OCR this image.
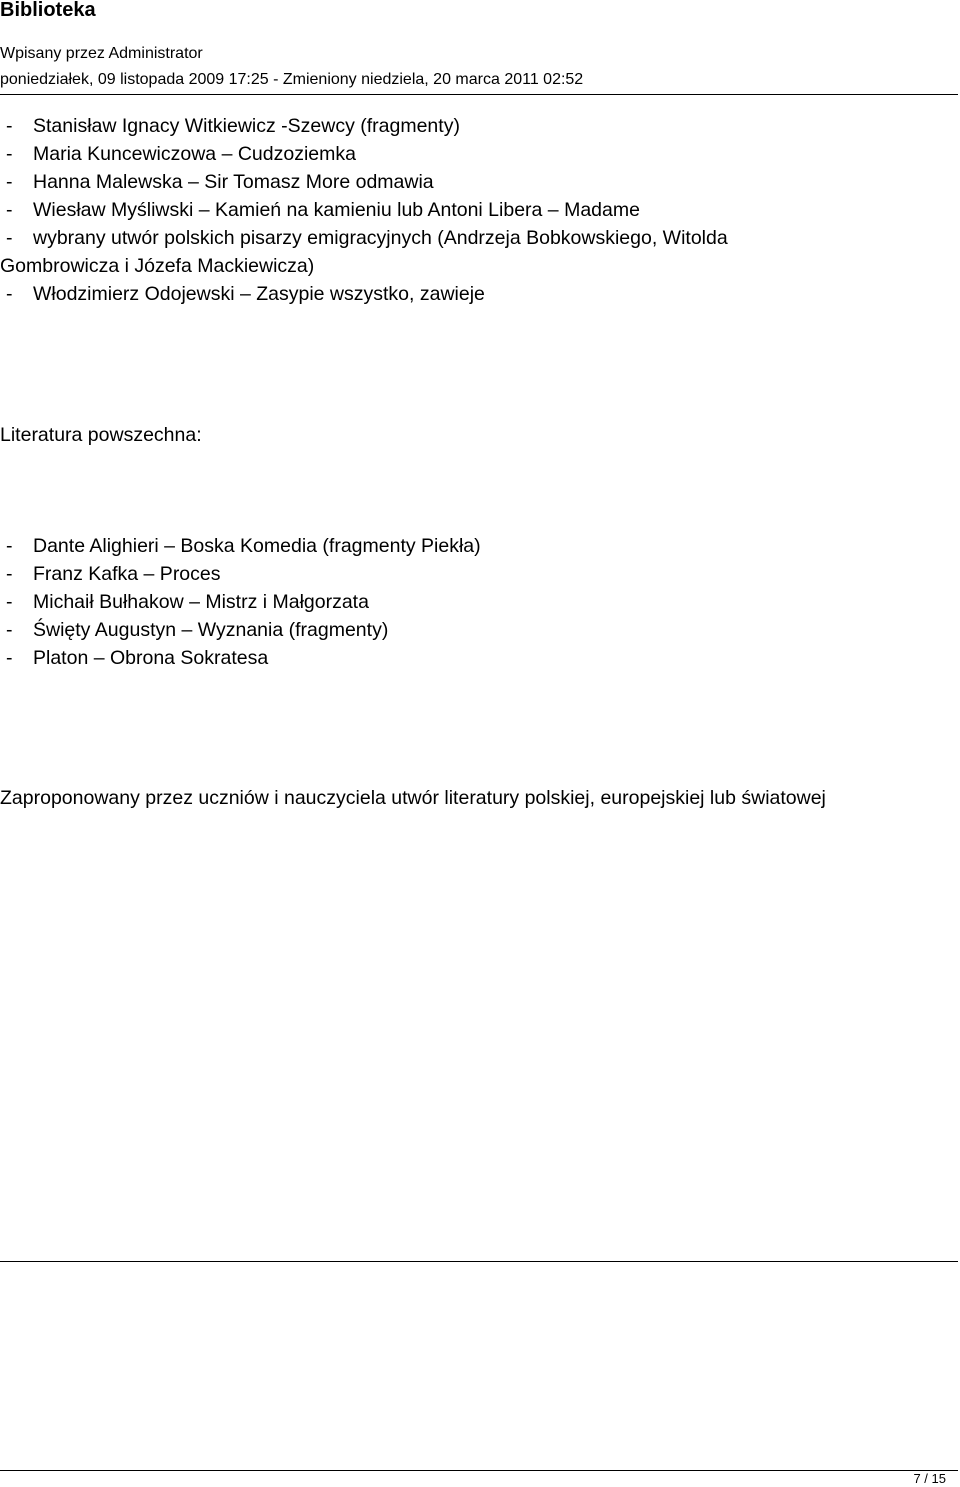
Biblioteka
Wpisany przez Administrator
poniedziałek, 09 listopada 2009 17:25 - Zmieniony niedziela, 20 marca 2011 02:52
- Stanisław Ignacy Witkiewicz -Szewcy (fragmenty)
- Maria Kuncewiczowa – Cudzoziemka
- Hanna Malewska – Sir Tomasz More odmawia
- Wiesław Myśliwski – Kamień na kamieniu lub Antoni Libera – Madame
- wybrany utwór polskich pisarzy emigracyjnych (Andrzeja Bobkowskiego, Witolda
Gombrowicza i Józefa Mackiewicza)
- Włodzimierz Odojewski – Zasypie wszystko, zawieje
Literatura powszechna:
- Dante Alighieri – Boska Komedia (fragmenty Piekła)
- Franz Kafka – Proces
- Michaił Bułhakow – Mistrz i Małgorzata
- Święty Augustyn – Wyznania (fragmenty)
- Platon – Obrona Sokratesa
Zaproponowany przez uczniów i nauczyciela utwór literatury polskiej, europejskiej lub światowej
7 / 15
